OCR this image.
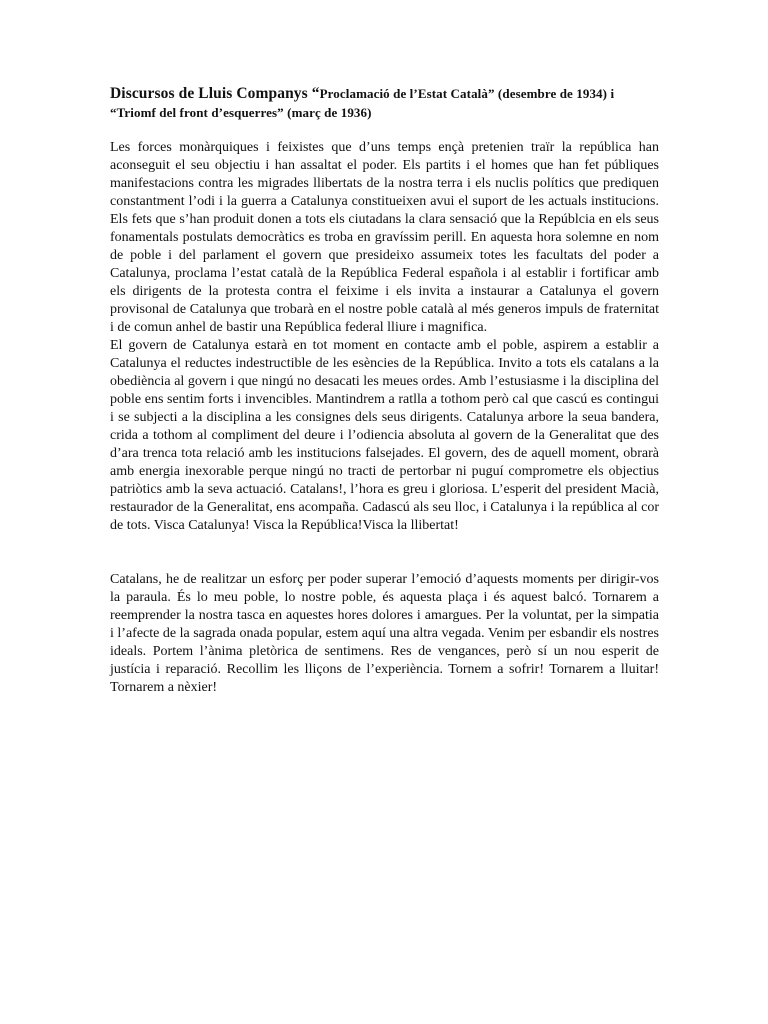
Discursos de Lluis Companys “Proclamació de l’Estat Català” (desembre de 1934) i “Triomf del front d’esquerres” (març de 1936)

Les forces monàrquiques i feixistes que d’uns temps ençà pretenien traïr la república han aconseguit el seu objectiu i han assaltat el poder. Els partits i el homes que han fet públiques manifestacions contra les migrades llibertats de la nostra terra i els nuclis polítics que prediquen constantment l’odi i la guerra a Catalunya constitueixen avui el suport de les actuals institucions. Els fets que s’han produit donen a tots els ciutadans la clara sensació que la Repúblcia en els seus fonamentals postulats democràtics es troba en gravíssim perill. En aquesta hora solemne en nom de poble i del parlament el govern que presideixo assumeix totes les facultats del poder a Catalunya, proclama l’estat català de la República Federal española i al establir i fortificar amb els dirigents de la protesta contra el feixime i els invita a instaurar a Catalunya el govern provisonal de Catalunya que trobarà en el nostre poble català al més generos impuls de fraternitat i de comun anhel de bastir una República federal lliure i magnifica.

El govern de Catalunya estarà en tot moment en contacte amb el poble, aspirem a establir a Catalunya el reductes indestructible de les esències de la República. Invito a tots els catalans a la obediència al govern i que ningú no desacati les meues ordes. Amb l’estusiasme i la disciplina del poble ens sentim forts i invencibles. Mantindrem a ratlla a tothom però cal que cascú es contingui i se subjecti a la disciplina a les consignes dels seus dirigents. Catalunya arbore la seua bandera, crida a tothom al compliment del deure i l’odiencia absoluta al govern de la Generalitat que des d’ara trenca tota relació amb les institucions falsejades. El govern, des de aquell moment, obrarà amb energia inexorable perque ningú no tracti de pertorbar ni puguí comprometre els objectius patriòtics amb la seva actuació. Catalans!, l’hora es greu i gloriosa. L’esperit del president Macià, restaurador de la Generalitat, ens acompaña. Cadascú als seu lloc, i Catalunya i la república al cor de tots. Visca Catalunya! Visca la República!Visca la llibertat!

Catalans, he de realitzar un esforç per poder superar l’emoció d’aquests moments per dirigir-vos la paraula. És lo meu poble, lo nostre poble, és aquesta plaça i és aquest balcó. Tornarem a reemprender la nostra tasca en aquestes hores dolores i amargues. Per la voluntat, per la simpatia i l’afecte de la sagrada onada popular, estem aquí una altra vegada. Venim per esbandir els nostres ideals. Portem l’ànima pletòrica de sentimens. Res de vengances, però sí un nou esperit de justícia i reparació. Recollim les lliçons de l’experiència. Tornem a sofrir! Tornarem a lluitar! Tornarem a nèxier!
